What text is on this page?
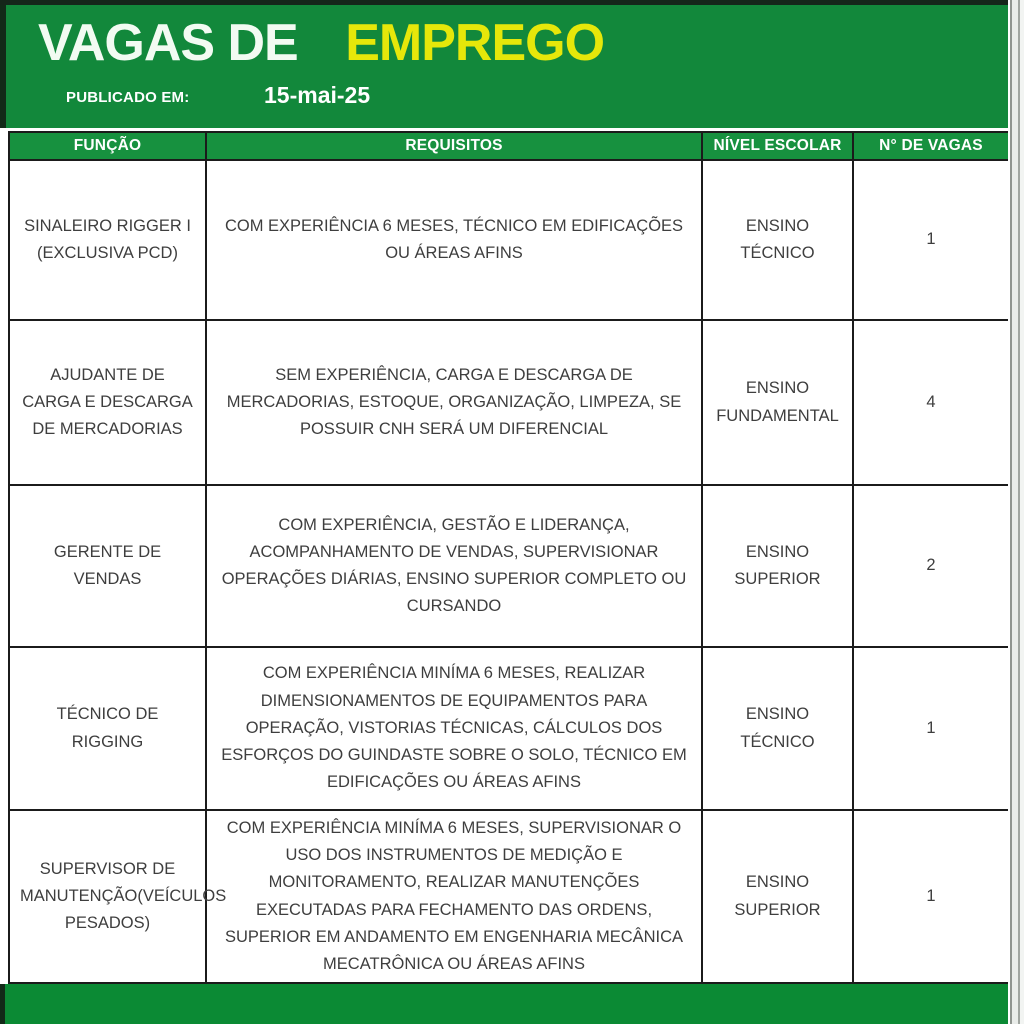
VAGAS DE EMPREGO
PUBLICADO EM:	15-mai-25
FUNÇÃO	REQUISITOS	NÍVEL ESCOLAR	N° DE VAGAS
SINALEIRO RIGGER I (EXCLUSIVA PCD)	COM EXPERIÊNCIA 6 MESES, TÉCNICO EM EDIFICAÇÕES OU ÁREAS AFINS	ENSINO TÉCNICO	1
AJUDANTE DE CARGA E DESCARGA DE MERCADORIAS	SEM EXPERIÊNCIA, CARGA E DESCARGA DE MERCADORIAS, ESTOQUE, ORGANIZAÇÃO, LIMPEZA, SE POSSUIR CNH SERÁ UM DIFERENCIAL	ENSINO FUNDAMENTAL	4
GERENTE DE VENDAS	COM EXPERIÊNCIA, GESTÃO E LIDERANÇA, ACOMPANHAMENTO DE VENDAS, SUPERVISIONAR OPERAÇÕES DIÁRIAS, ENSINO SUPERIOR COMPLETO OU CURSANDO	ENSINO SUPERIOR	2
TÉCNICO DE RIGGING	COM EXPERIÊNCIA MINÍMA 6 MESES, REALIZAR DIMENSIONAMENTOS DE EQUIPAMENTOS PARA OPERAÇÃO, VISTORIAS TÉCNICAS, CÁLCULOS DOS ESFORÇOS DO GUINDASTE SOBRE O SOLO, TÉCNICO EM EDIFICAÇÕES OU ÁREAS AFINS	ENSINO TÉCNICO	1
SUPERVISOR DE MANUTENÇÃO(VEÍCULOS PESADOS)	COM EXPERIÊNCIA MINÍMA 6 MESES, SUPERVISIONAR O USO DOS INSTRUMENTOS DE MEDIÇÃO E MONITORAMENTO, REALIZAR MANUTENÇÕES EXECUTADAS PARA FECHAMENTO DAS ORDENS, SUPERIOR EM ANDAMENTO EM ENGENHARIA MECÂNICA MECATRÔNICA OU ÁREAS AFINS	ENSINO SUPERIOR	1
